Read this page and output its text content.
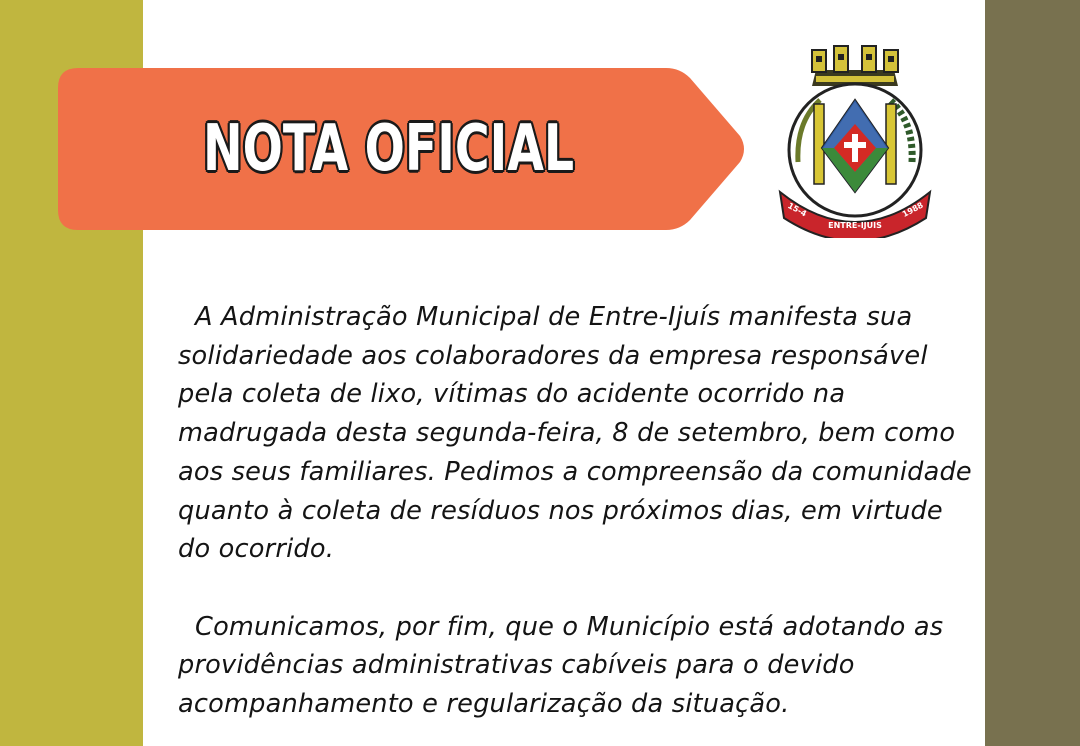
NOTA OFICIAL
ENTRE-IJUIS
15-4	1988

A Administração Municipal de Entre-Ijuís manifesta sua solidariedade aos colaboradores da empresa responsável pela coleta de lixo, vítimas do acidente ocorrido na madrugada desta segunda-feira, 8 de setembro, bem como aos seus familiares. Pedimos a compreensão da comunidade quanto à coleta de resíduos nos próximos dias, em virtude do ocorrido.

Comunicamos, por fim, que o Município está adotando as providências administrativas cabíveis para o devido acompanhamento e regularização da situação.
